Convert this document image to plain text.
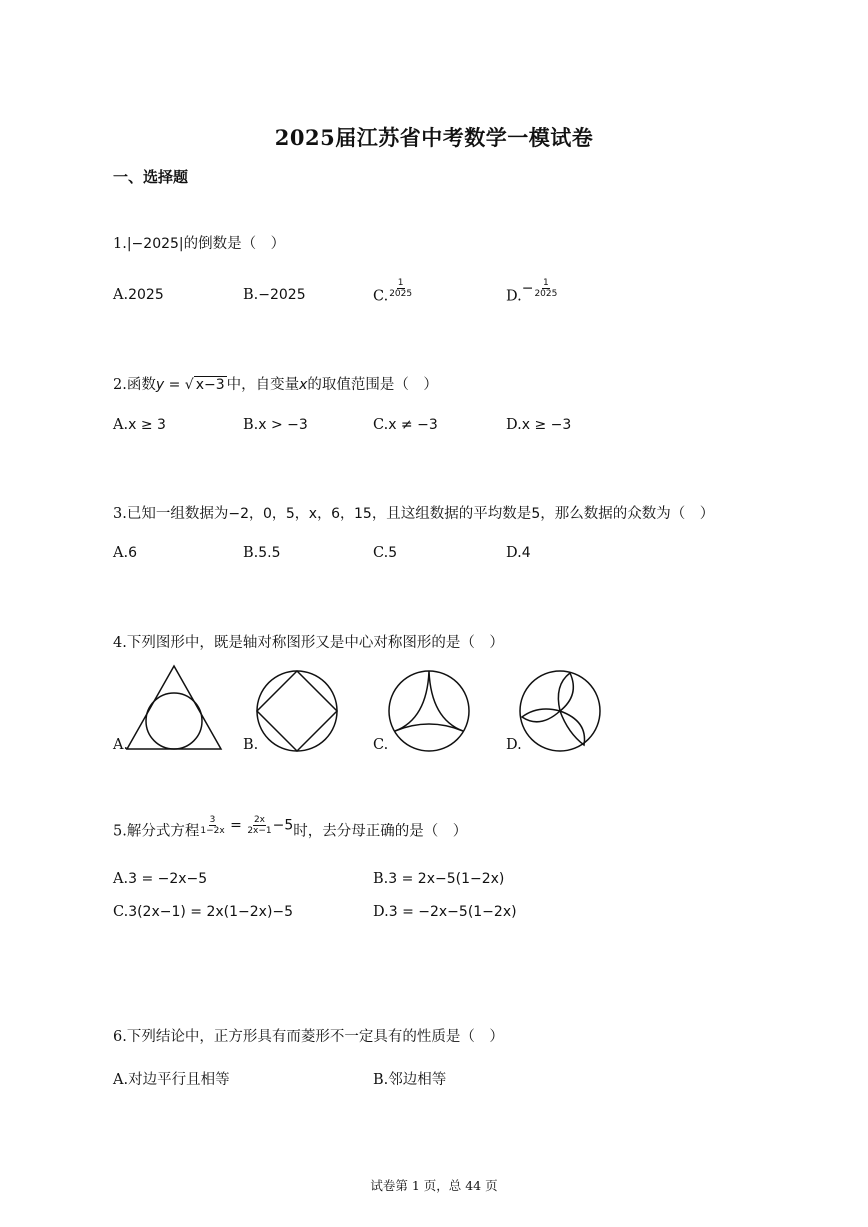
2025届江苏省中考数学一模试卷
一、选择题
1.|−2025|的倒数是（　）
A.2025	B.−2025	C. $\frac{1}{2025}$	$D.- \frac{1}{2025}$
2.函数y = √ x−3 中，自变量x的取值范围是（　）
A.x ≥ 3	B.x > −3	C.x ≠ −3	D.x ≥ −3
3.已知一组数据为−2，0，5，x，6，15，且这组数据的平均数是5，那么数据的众数为（　）
A.6	B.5.5	C.5	D.4
4.下列图形中，既是轴对称图形又是中心对称图形的是（　）
A.	B.	C.	D.
5.解分式方程 $\frac{3}{1-2x} = \frac{2x}{2x-1} -5$时，去分母正确的是（　）
A.3 = −2x−5	B.3 = 2x−5(1−2x)
C.3(2x−1) = 2x(1−2x)−5	D.3 = −2x−5(1−2x)
6.下列结论中，正方形具有而菱形不一定具有的性质是（　）
A.对边平行且相等	B.邻边相等
试卷第 1 页，总 44 页
